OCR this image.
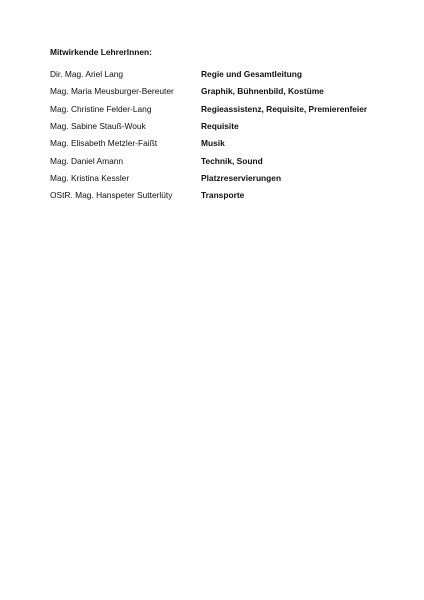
Mitwirkende LehrerInnen:
Dir. Mag. Ariel Lang	Regie und Gesamtleitung
Mag. Maria Meusburger-Bereuter	Graphik, Bühnenbild, Kostüme
Mag. Christine Felder-Lang	Regieassistenz, Requisite, Premierenfeier
Mag. Sabine Stauß-Wouk	Requisite
Mag. Elisabeth Metzler-Faißt	Musik
Mag. Daniel Amann	Technik, Sound
Mag. Kristina Kessler	Platzreservierungen
OStR. Mag. Hanspeter Sutterlüty	Transporte
